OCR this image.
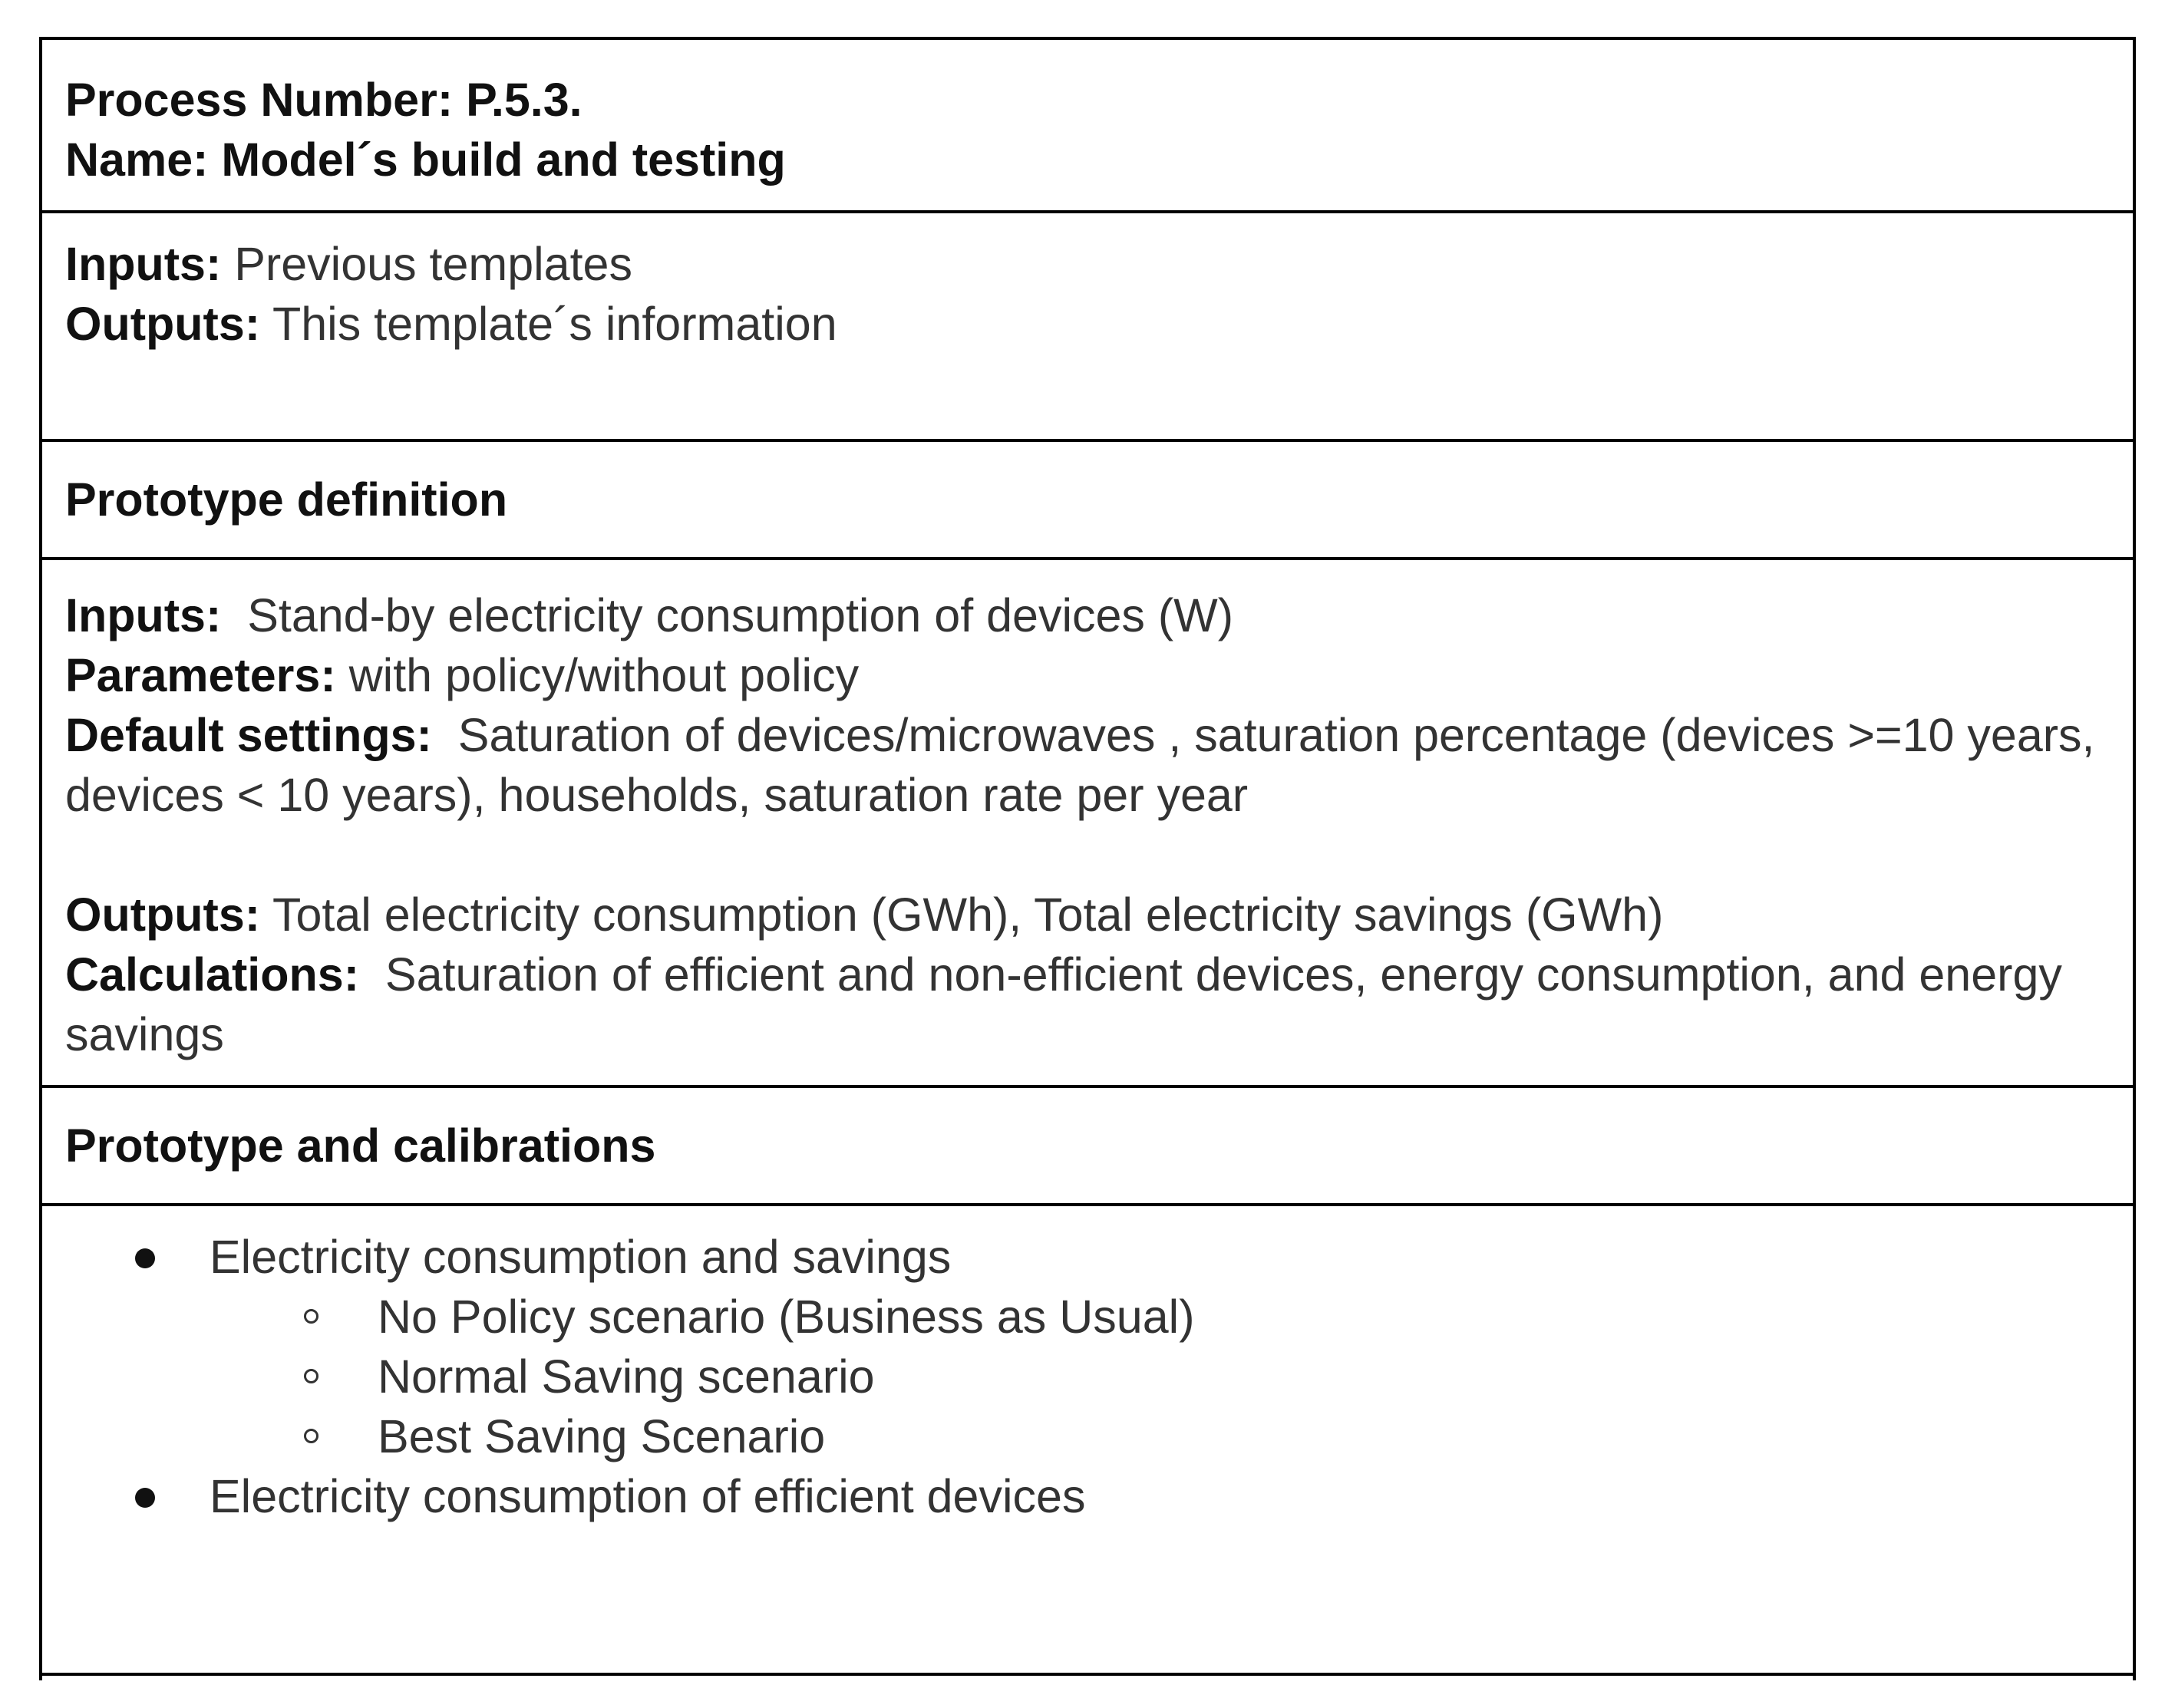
Process Number: P.5.3.
Name: Model´s build and testing
Inputs: Previous templates
Outputs: This template´s information
Prototype definition
Inputs:  Stand-by electricity consumption of devices (W)
Parameters: with policy/without policy
Default settings:  Saturation of devices/microwaves , saturation percentage (devices >=10 years, devices < 10 years), households, saturation rate per year
Outputs: Total electricity consumption (GWh), Total electricity savings (GWh)
Calculations:  Saturation of efficient and non-efficient devices, energy consumption, and energy savings
Prototype and calibrations
Electricity consumption and savings
No Policy scenario (Business as Usual)
Normal Saving scenario
Best Saving Scenario
Electricity consumption of efficient devices
